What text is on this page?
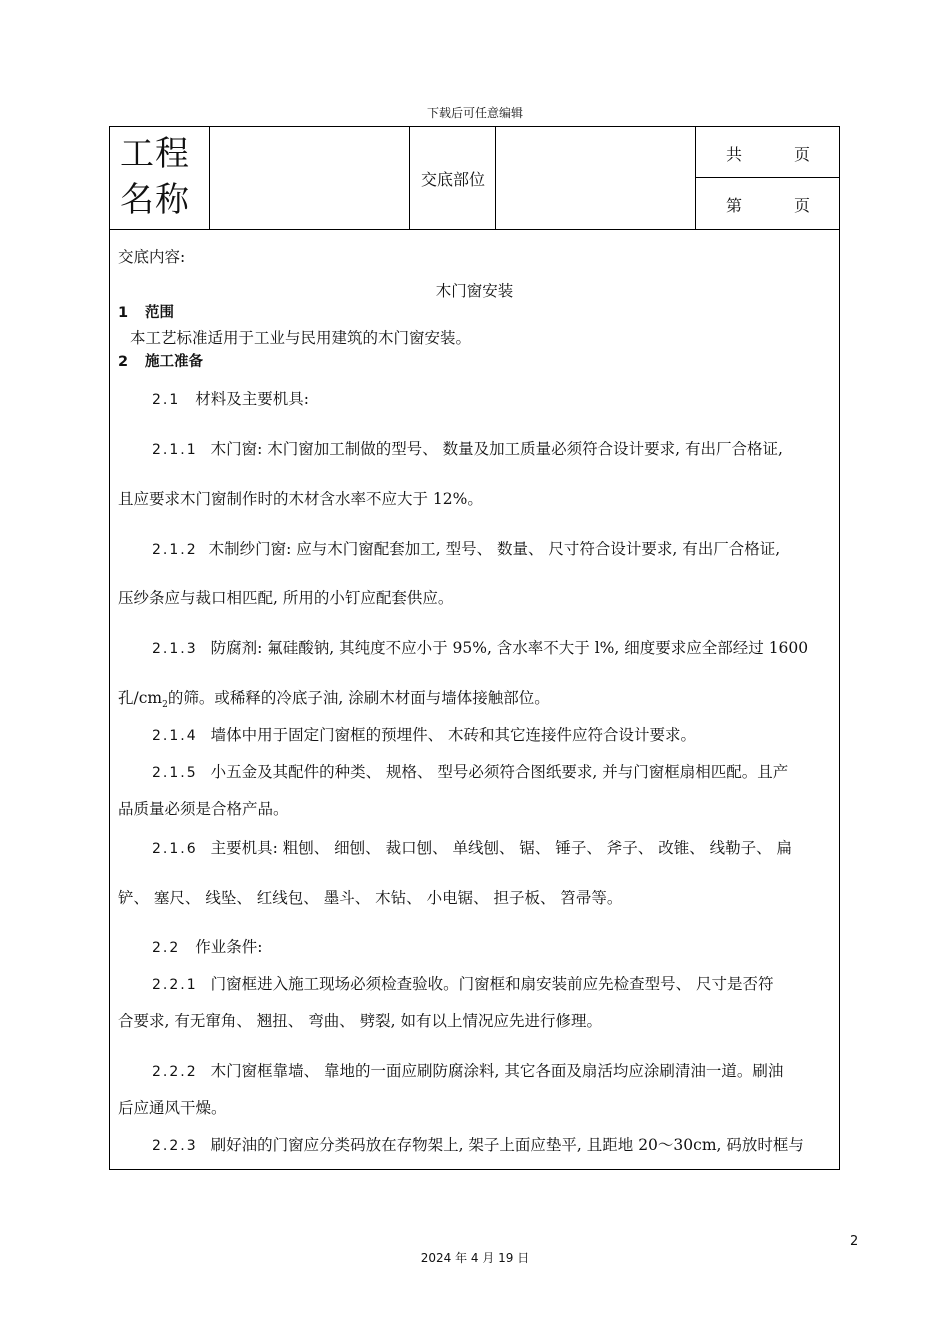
下载后可任意编辑
工程
名称
交底部位
共	页
第	页
交底内容:
木门窗安装
1 范围
本工艺标准适用于工业与民用建筑的木门窗安装。
2 施工准备
2.1 材料及主要机具:
2.1.1 木门窗: 木门窗加工制做的型号、 数量及加工质量必须符合设计要求, 有出厂合格证,
且应要求木门窗制作时的木材含水率不应大于 12%。
2.1.2 木制纱门窗: 应与木门窗配套加工, 型号、 数量、 尺寸符合设计要求, 有出厂合格证,
压纱条应与裁口相匹配, 所用的小钉应配套供应。
2.1.3 防腐剂: 氟硅酸钠, 其纯度不应小于 95%, 含水率不大于 l%, 细度要求应全部经过 1600
孔$/cm_2$的筛。或稀释的冷底子油, 涂刷木材面与墙体接触部位。
2.1.4 墙体中用于固定门窗框的预埋件、 木砖和其它连接件应符合设计要求。
2.1.5 小五金及其配件的种类、 规格、 型号必须符合图纸要求, 并与门窗框扇相匹配。且产
品质量必须是合格产品。
2.1.6 主要机具: 粗刨、 细刨、 裁口刨、 单线刨、 锯、 锤子、 斧子、 改锥、 线勒子、 扁
铲、 塞尺、 线坠、 红线包、 墨斗、 木钻、 小电锯、 担子板、 笤帚等。
2.2 作业条件:
2.2.1 门窗框进入施工现场必须检查验收。门窗框和扇安装前应先检查型号、 尺寸是否符
合要求, 有无窜角、 翘扭、 弯曲、 劈裂, 如有以上情况应先进行修理。
2.2.2 木门窗框靠墙、 靠地的一面应刷防腐涂料, 其它各面及扇活均应涂刷清油一道。刷油
后应通风干燥。
2.2.3 刷好油的门窗应分类码放在存物架上, 架子上面应垫平, 且距地 20～30cm, 码放时框与
2
2024 年 4 月 19 日
